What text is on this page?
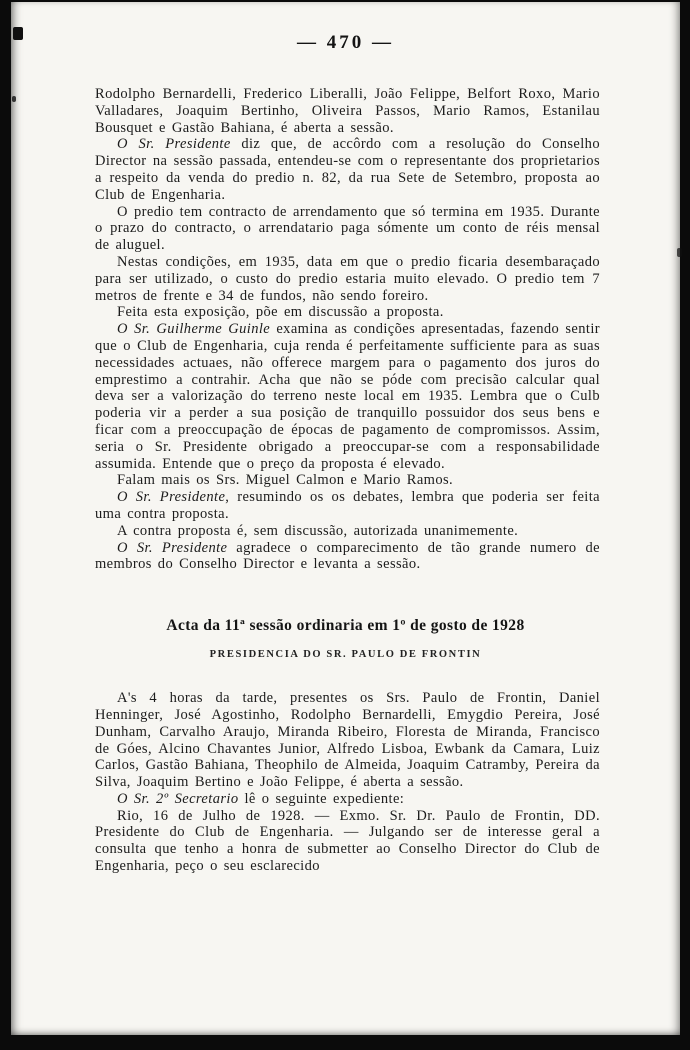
— 470 —

Rodolpho Bernardelli, Frederico Liberalli, João Felippe, Belfort Roxo, Mario Valladares, Joaquim Bertinho, Oliveira Passos, Mario Ramos, Estanilau Bousquet e Gastão Bahiana, é aberta a sessão.

O Sr. Presidente diz que, de accôrdo com a resolução do Conselho Director na sessão passada, entendeu-se com o representante dos proprietarios a respeito da venda do predio n. 82, da rua Sete de Setembro, proposta ao Club de Engenharia.

O predio tem contracto de arrendamento que só termina em 1935. Durante o prazo do contracto, o arrendatario paga sómente um conto de réis mensal de aluguel.

Nestas condições, em 1935, data em que o predio ficaria desembaraçado para ser utilizado, o custo do predio estaria muito elevado. O predio tem 7 metros de frente e 34 de fundos, não sendo foreiro.

Feita esta exposição, põe em discussão a proposta.

O Sr. Guilherme Guinle examina as condições apresentadas, fazendo sentir que o Club de Engenharia, cuja renda é perfeitamente sufficiente para as suas necessidades actuaes, não offerece margem para o pagamento dos juros do emprestimo a contrahir. Acha que não se póde com precisão calcular qual deva ser a valorização do terreno neste local em 1935. Lembra que o Culb poderia vir a perder a sua posição de tranquillo possuidor dos seus bens e ficar com a preoccupação de épocas de pagamento de compromissos. Assim, seria o Sr. Presidente obrigado a preoccupar-se com a responsabilidade assumida. Entende que o preço da proposta é elevado.

Falam mais os Srs. Miguel Calmon e Mario Ramos.

O Sr. Presidente, resumindo os os debates, lembra que poderia ser feita uma contra proposta.

A contra proposta é, sem discussão, autorizada unanimemente.

O Sr. Presidente agradece o comparecimento de tão grande numero de membros do Conselho Director e levanta a sessão.

Acta da 11ª sessão ordinaria em 1º de gosto de 1928
PRESIDENCIA DO SR. PAULO DE FRONTIN

A's 4 horas da tarde, presentes os Srs. Paulo de Frontin, Daniel Henninger, José Agostinho, Rodolpho Bernardelli, Emygdio Pereira, José Dunham, Carvalho Araujo, Miranda Ribeiro, Floresta de Miranda, Francisco de Góes, Alcino Chavantes Junior, Alfredo Lisboa, Ewbank da Camara, Luiz Carlos, Gastão Bahiana, Theophilo de Almeida, Joaquim Catramby, Pereira da Silva, Joaquim Bertino e João Felippe, é aberta a sessão.

O Sr. 2º Secretario lê o seguinte expediente:

Rio, 16 de Julho de 1928. — Exmo. Sr. Dr. Paulo de Frontin, DD. Presidente do Club de Engenharia. — Julgando ser de interesse geral a consulta que tenho a honra de submetter ao Conselho Director do Club de Engenharia, peço o seu esclarecido
